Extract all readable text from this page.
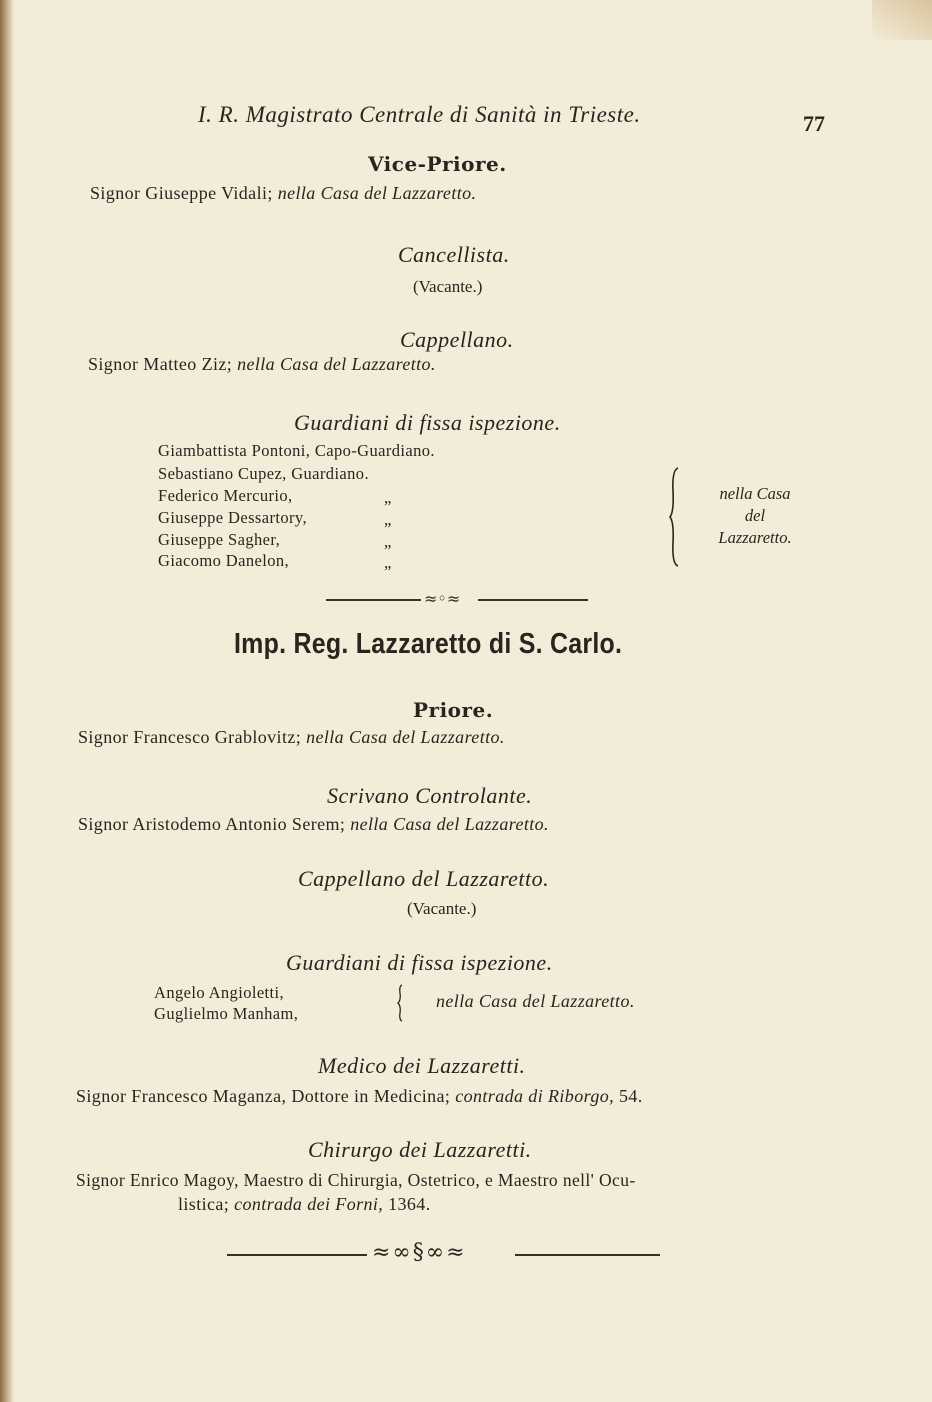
I. R. Magistrato Centrale di Sanità in Trieste.	77
Vice-Priore.
Signor Giuseppe Vidali; nella Casa del Lazzaretto.
Cancellista.
(Vacante.)
Cappellano.
Signor Matteo Ziz; nella Casa del Lazzaretto.
Guardiani di fissa ispezione.
Giambattista Pontoni, Capo-Guardiano.
Sebastiano Cupez, Guardiano.
Federico Mercurio,
Giuseppe Dessartory,
Giuseppe Sagher,
Giacomo Danelon,
„
„
„
„
nella Casa
del
Lazzaretto.
≈◦≈
Imp. Reg. Lazzaretto di S. Carlo.
Priore.
Signor Francesco Grablovitz; nella Casa del Lazzaretto.
Scrivano Controlante.
Signor Aristodemo Antonio Serem; nella Casa del Lazzaretto.
Cappellano del Lazzaretto.
(Vacante.)
Guardiani di fissa ispezione.
Angelo Angioletti,
Guglielmo Manham,
nella Casa del Lazzaretto.
Medico dei Lazzaretti.
Signor Francesco Maganza, Dottore in Medicina; contrada di Riborgo, 54.
Chirurgo dei Lazzaretti.
Signor Enrico Magoy, Maestro di Chirurgia, Ostetrico, e Maestro nell' Ocu-
listica; contrada dei Forni, 1364.
≈∞§∞≈
